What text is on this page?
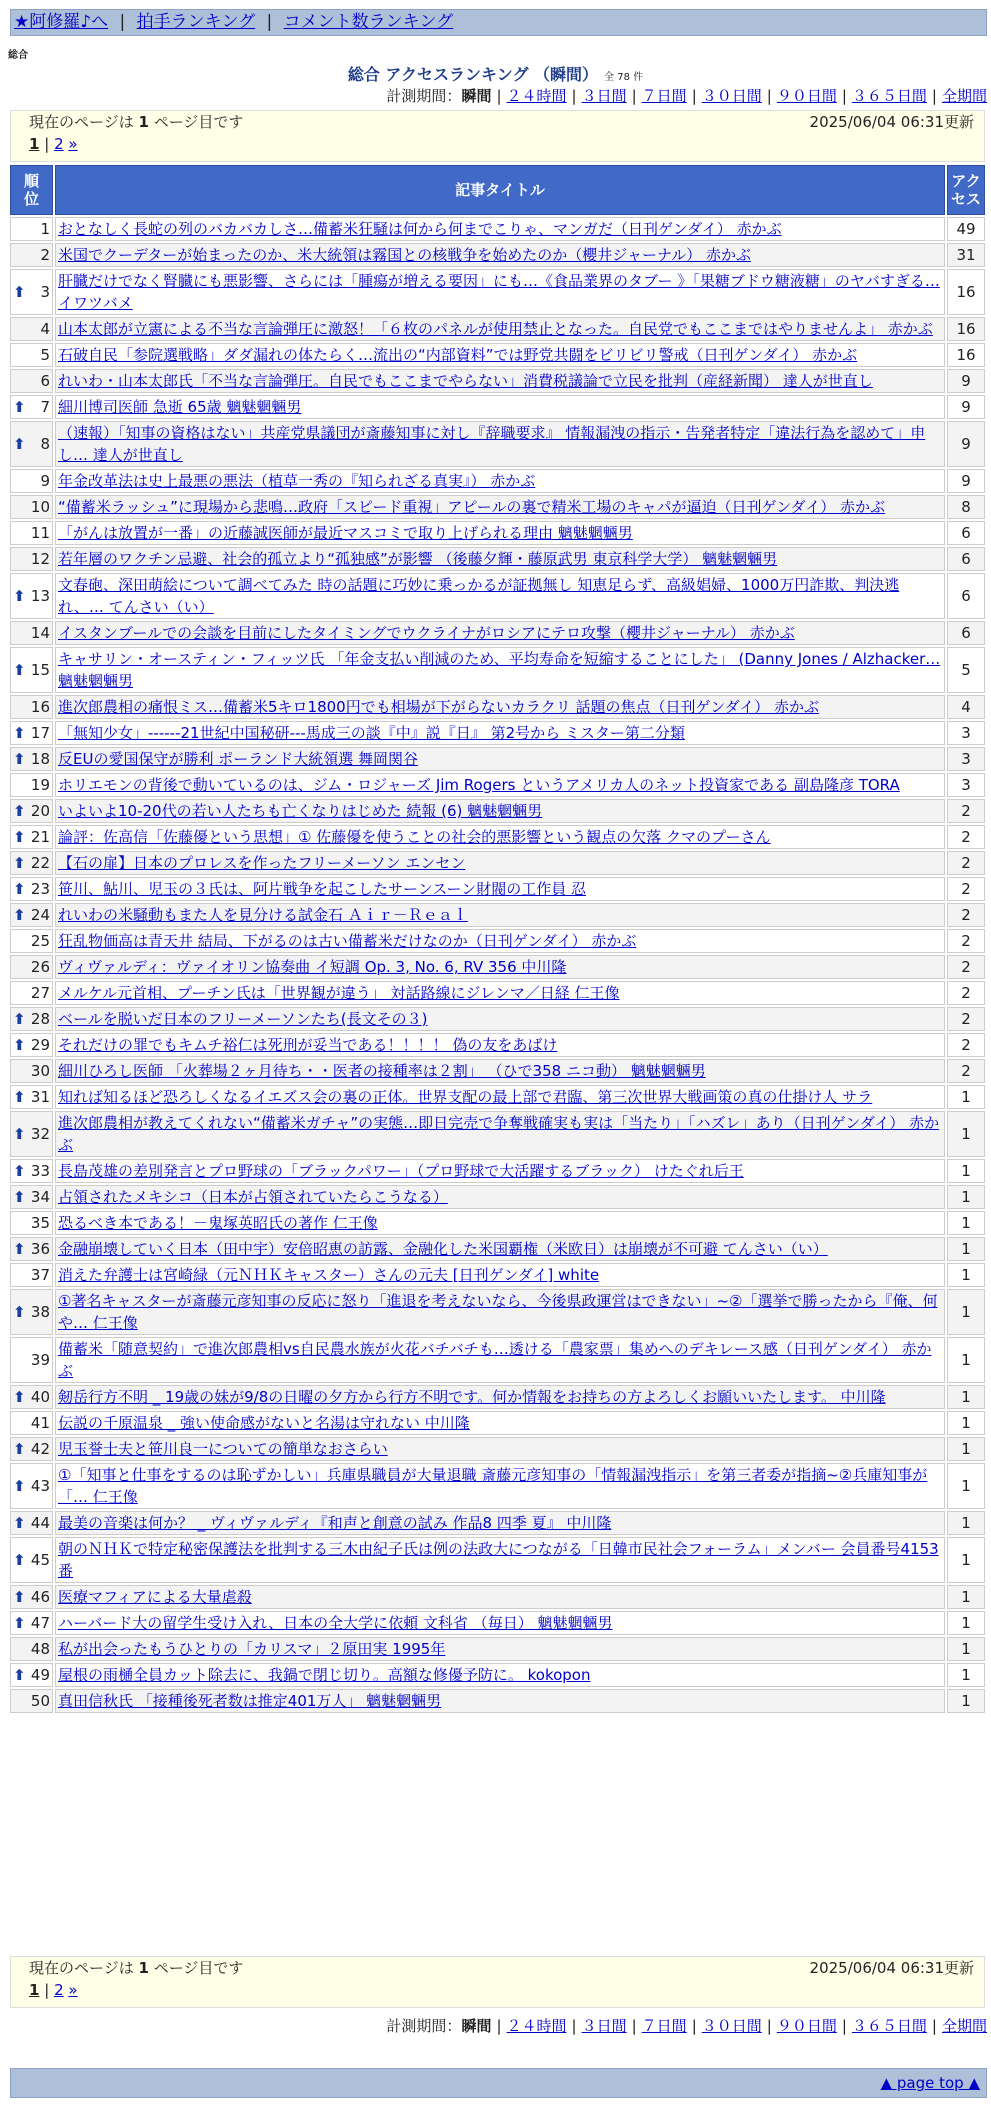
★阿修羅♪へ | 拍手ランキング | コメント数ランキング
総合
総合 アクセスランキング （瞬間） 全 78 件
計測期間：瞬間 | ２４時間 | ３日間 | ７日間 | ３０日間 | ９０日間 | ３６５日間 | 全期間
現在のページは 1 ページ目です	2025/06/04 06:31更新
1 | 2 »
順位	記事タイトル	アクセス
1	おとなしく長蛇の列のバカバカしさ…備蓄米狂騒は何から何までこりゃ、マンガだ（日刊ゲンダイ） 赤かぶ	49
2	米国でクーデターが始まったのか、米大統領は霧国との核戦争を始めたのか（櫻井ジャーナル） 赤かぶ	31

⬆ 3	肝臓だけでなく腎臓にも悪影響、さらには「腫瘍が増える要因」にも…《食品業界のタブー 》「果糖ブドウ糖液糖」のヤバすぎる… イワツバメ	16
4	山本太郎が立憲による不当な言論弾圧に激怒！「６枚のパネルが使用禁止となった。自民党でもここまではやりませんよ」 赤かぶ	16
5	石破自民「参院選戦略」ダダ漏れの体たらく…流出の“内部資料”では野党共闘をビリビリ警戒（日刊ゲンダイ） 赤かぶ	16
6	れいわ・山本太郎氏「不当な言論弾圧。自民でもここまでやらない」消費税議論で立民を批判（産経新聞） 達人が世直し	9

⬆ 7	細川博司医師 急逝 65歳 魑魅魍魎男	9

⬆ 8	（速報）「知事の資格はない」共産党県議団が斎藤知事に対し『辞職要求』 情報漏洩の指示・告発者特定「違法行為を認めて」申し… 達人が世直し	9
9	年金改革法は史上最悪の悪法（植草一秀の『知られざる真実』） 赤かぶ	9
10	“備蓄米ラッシュ”に現場から悲鳴…政府「スピード重視」アピールの裏で精米工場のキャパが逼迫（日刊ゲンダイ） 赤かぶ	8
11	「がんは放置が一番」の近藤誠医師が最近マスコミで取り上げられる理由 魑魅魍魎男	6
12	若年層のワクチン忌避、社会的孤立より“孤独感”が影響 （後藤夕輝・藤原武男 東京科学大学） 魑魅魍魎男	6

⬆ 13	文春砲、深田萌絵について調べてみた 時の話題に巧妙に乗っかるが証拠無し 知恵足らず、高級娼婦、1000万円詐欺、判決逃れ、… てんさい（い）	6
14	イスタンブールでの会談を目前にしたタイミングでウクライナがロシアにテロ攻撃（櫻井ジャーナル） 赤かぶ	6

⬆ 15	キャサリン・オースティン・フィッツ氏 「年金支払い削減のため、平均寿命を短縮することにした」 (Danny Jones / Alzhacker… 魑魅魍魎男	5
16	進次郎農相の痛恨ミス…備蓄米5キロ1800円でも相場が下がらないカラクリ 話題の焦点（日刊ゲンダイ） 赤かぶ	4

⬆ 17	「無知少女」------21世紀中国秘研---馬成三の談『中』説『日』 第2号から ミスター第二分類	3

⬆ 18	反EUの愛国保守が勝利 ポーランド大統領選 舞岡関谷	3
19	ホリエモンの背後で動いているのは、ジム・ロジャーズ Jim Rogers というアメリカ人のネット投資家である 副島隆彦 TORA	3

⬆ 20	いよいよ10-20代の若い人たちも亡くなりはじめた 続報 (6) 魑魅魍魎男	2

⬆ 21	論評：佐高信「佐藤優という思想」① 佐藤優を使うことの社会的悪影響という観点の欠落 クマのプーさん	2

⬆ 22	【石の扉】日本のプロレスを作ったフリーメーソン エンセン	2

⬆ 23	笹川、鮎川、児玉の３氏は、阿片戦争を起こしたサーンスーン財閥の工作員 忍	2

⬆ 24	れいわの米騒動もまた人を見分ける試金石 Ａｉｒ－Ｒｅａｌ	2
25	狂乱物価高は青天井 結局、下がるのは古い備蓄米だけなのか（日刊ゲンダイ） 赤かぶ	2
26	ヴィヴァルディ：ヴァイオリン協奏曲 イ短調 Op. 3, No. 6, RV 356 中川隆	2
27	メルケル元首相、プーチン氏は「世界観が違う」 対話路線にジレンマ／日経 仁王像	2

⬆ 28	ベールを脱いだ日本のフリーメーソンたち(長文その３)	2

⬆ 29	それだけの罪でもキムチ裕仁は死刑が妥当である！！！！ 偽の友をあばけ	2
30	細川ひろし医師 「火葬場２ヶ月待ち・・医者の接種率は２割」 （ひで358 ニコ動） 魑魅魍魎男	2

⬆ 31	知れば知るほど恐ろしくなるイエズス会の裏の正体。世界支配の最上部で君臨、第三次世界大戦画策の真の仕掛け人 サラ	1

⬆ 32	進次郎農相が教えてくれない“備蓄米ガチャ”の実態…即日完売で争奪戦確実も実は「当たり」「ハズレ」あり（日刊ゲンダイ） 赤かぶ	1

⬆ 33	長島茂雄の差別発言とプロ野球の「ブラックパワー」（プロ野球で大活躍するブラック） けたぐれ后王	1

⬆ 34	占領されたメキシコ（日本が占領されていたらこうなる）	1
35	恐るべき本である！－鬼塚英昭氏の著作 仁王像	1

⬆ 36	金融崩壊していく日本（田中宇）安倍昭恵の訪露、金融化した米国覇権（米欧日）は崩壊が不可避 てんさい（い）	1
37	消えた弁護士は宮崎緑（元ＮＨＫキャスター）さんの元夫 [日刊ゲンダイ] white	1

⬆ 38	①著名キャスターが斎藤元彦知事の反応に怒り「進退を考えないなら、今後県政運営はできない」~②「選挙で勝ったから『俺、何や… 仁王像	1
39	備蓄米「随意契約」で進次郎農相vs自民農水族が火花バチバチも…透ける「農家票」集めへのデキレース感（日刊ゲンダイ） 赤かぶ	1

⬆ 40	剱岳行方不明 _ 19歳の妹が9/8の日曜の夕方から行方不明です。何か情報をお持ちの方よろしくお願いいたします。 中川隆	1
41	伝説の千原温泉 _ 強い使命感がないと名湯は守れない 中川隆	1

⬆ 42	児玉誉士夫と笹川良一についての簡単なおさらい	1

⬆ 43	①「知事と仕事をするのは恥ずかしい」兵庫県職員が大量退職 斎藤元彦知事の「情報漏洩指示」を第三者委が指摘~②兵庫知事が「… 仁王像	1

⬆ 44	最美の音楽は何か？ _ ヴィヴァルディ『和声と創意の試み 作品8 四季 夏』 中川隆	1

⬆ 45	朝のＮＨＫで特定秘密保護法を批判する三木由紀子氏は例の法政大につながる「日韓市民社会フォーラム」メンバー 会員番号4153番	1

⬆ 46	医療マフィアによる大量虐殺	1

⬆ 47	ハーバード大の留学生受け入れ、日本の全大学に依頼 文科省 （毎日） 魑魅魍魎男	1
48	私が出会ったもうひとりの「カリスマ」２原田実 1995年	1

⬆ 49	屋根の雨樋全員カット除去に、我鍋で閉じ切り。高額な修優予防に。 kokopon	1
50	真田信秋氏 「接種後死者数は推定401万人」 魑魅魍魎男	1
現在のページは 1 ページ目です	2025/06/04 06:31更新
1 | 2 »
計測期間：瞬間 | ２４時間 | ３日間 | ７日間 | ３０日間 | ９０日間 | ３６５日間 | 全期間
▲ page top ▲
